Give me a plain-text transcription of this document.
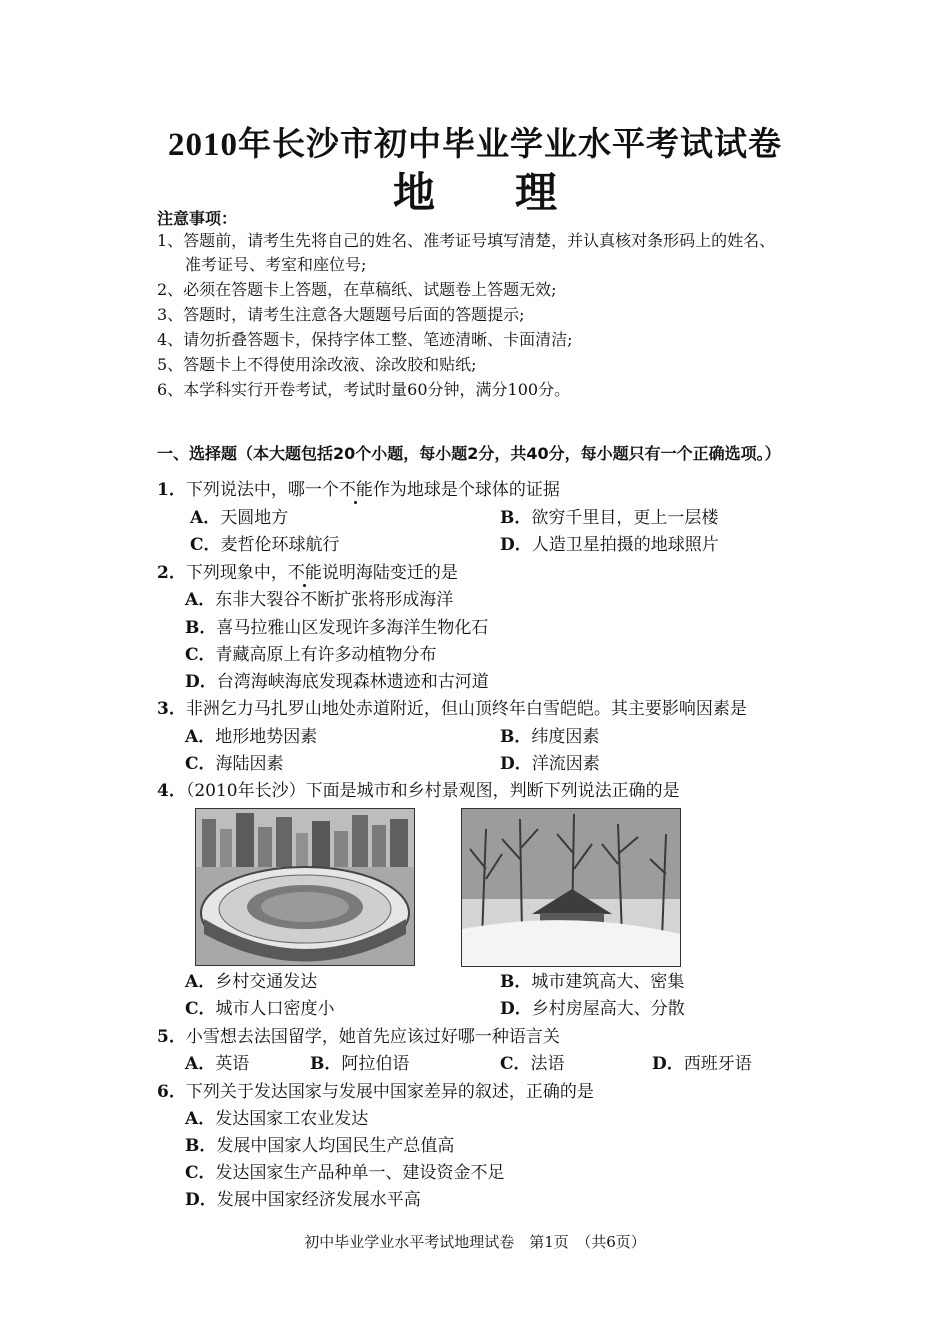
2010年长沙市初中毕业学业水平考试试卷
地 理
注意事项：
1、答题前，请考生先将自己的姓名、准考证号填写清楚，并认真核对条形码上的姓名、
准考证号、考室和座位号;
2、必须在答题卡上答题，在草稿纸、试题卷上答题无效;
3、答题时，请考生注意各大题题号后面的答题提示;
4、请勿折叠答题卡，保持字体工整、笔迹清晰、卡面清洁;
5、答题卡上不得使用涂改液、涂改胶和贴纸;
6、本学科实行开卷考试，考试时量60分钟，满分100分。
一、选择题（本大题包括20个小题，每小题2分，共40分，每小题只有一个正确选项。）
1．下列说法中，哪一个不能作为地球是个球体的证据
A．天圆地方	B．欲穷千里目，更上一层楼
C．麦哲伦环球航行	D．人造卫星拍摄的地球照片
2．下列现象中，不能说明海陆变迁的是
A．东非大裂谷不断扩张将形成海洋
B．喜马拉雅山区发现许多海洋生物化石
C．青藏高原上有许多动植物分布
D．台湾海峡海底发现森林遗迹和古河道
3．非洲乞力马扎罗山地处赤道附近，但山顶终年白雪皑皑。其主要影响因素是
A．地形地势因素	B．纬度因素
C．海陆因素	D．洋流因素
4．（2010年长沙）下面是城市和乡村景观图，判断下列说法正确的是
A．乡村交通发达	B．城市建筑高大、密集
C．城市人口密度小	D．乡村房屋高大、分散
5．小雪想去法国留学，她首先应该过好哪一种语言关
A．英语	B．阿拉伯语	C．法语	D．西班牙语
6．下列关于发达国家与发展中国家差异的叙述，正确的是
A．发达国家工农业发达
B．发展中国家人均国民生产总值高
C．发达国家生产品种单一、建设资金不足
D．发展中国家经济发展水平高
初中毕业学业水平考试地理试卷　第1页　（共6页）
